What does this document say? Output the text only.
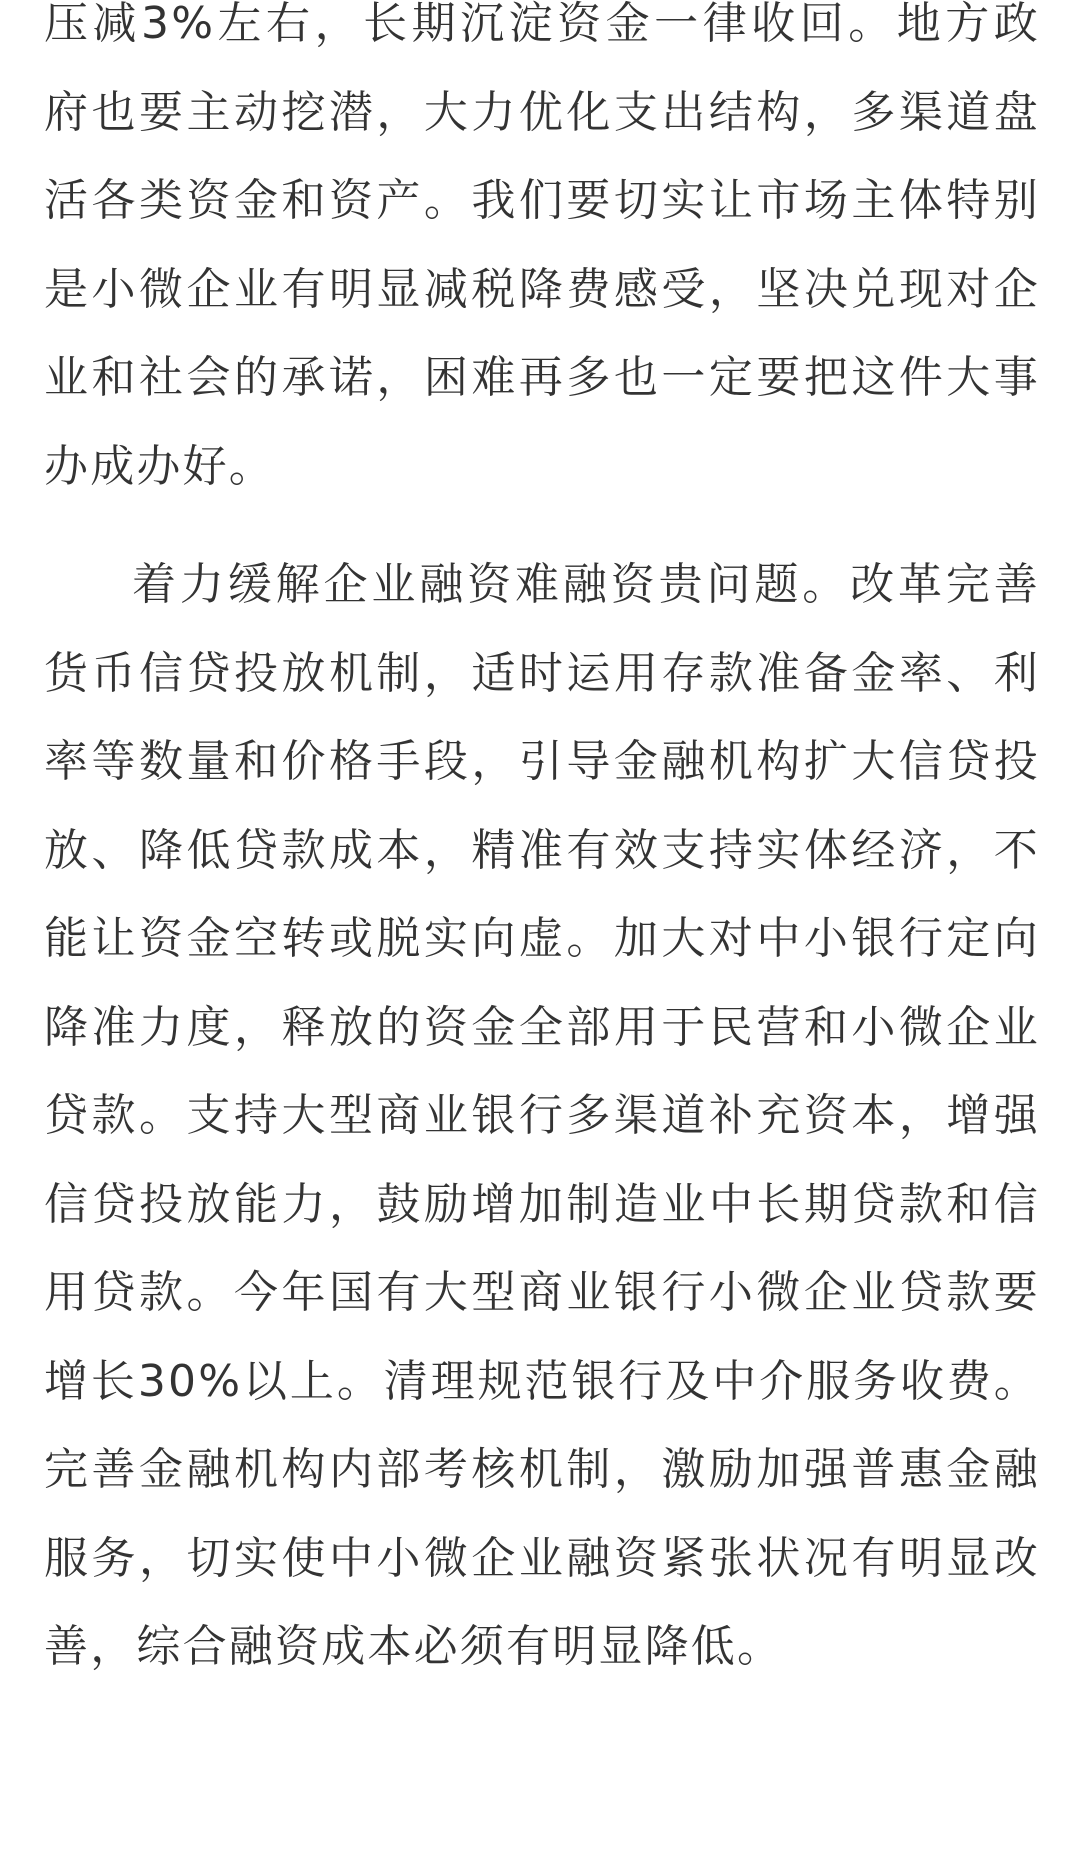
压减3%左右，长期沉淀资金一律收回。地方政府也要主动挖潜，大力优化支出结构，多渠道盘活各类资金和资产。我们要切实让市场主体特别是小微企业有明显减税降费感受，坚决兑现对企业和社会的承诺，困难再多也一定要把这件大事办成办好。

着力缓解企业融资难融资贵问题。改革完善货币信贷投放机制，适时运用存款准备金率、利率等数量和价格手段，引导金融机构扩大信贷投放、降低贷款成本，精准有效支持实体经济，不能让资金空转或脱实向虚。加大对中小银行定向降准力度，释放的资金全部用于民营和小微企业贷款。支持大型商业银行多渠道补充资本，增强信贷投放能力，鼓励增加制造业中长期贷款和信用贷款。今年国有大型商业银行小微企业贷款要增长30%以上。清理规范银行及中介服务收费。完善金融机构内部考核机制，激励加强普惠金融服务，切实使中小微企业融资紧张状况有明显改善，综合融资成本必须有明显降低。
